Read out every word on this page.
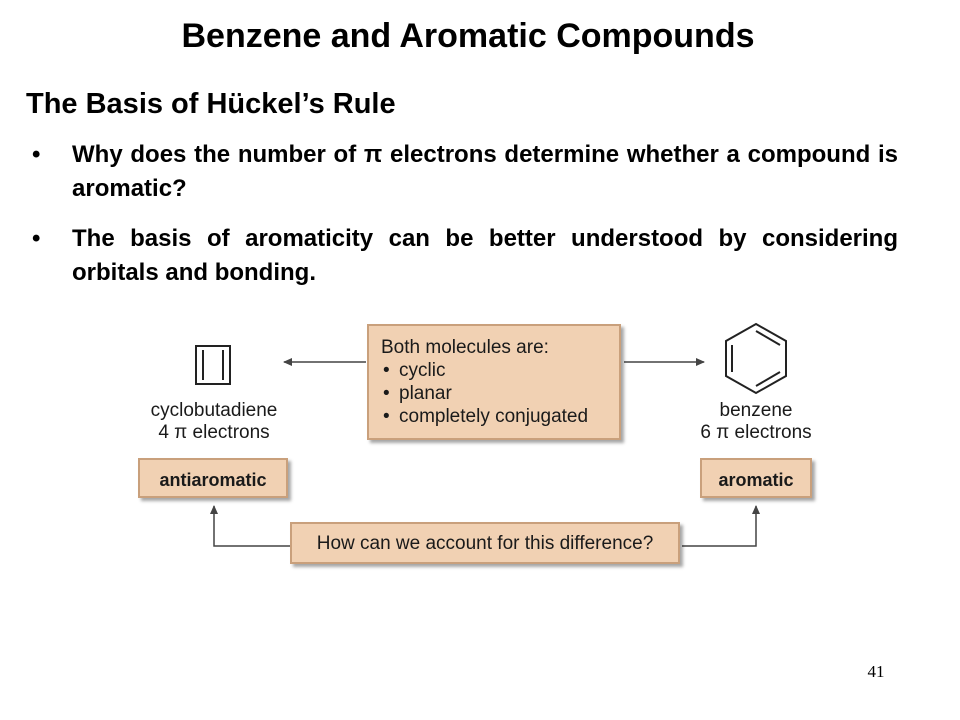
Benzene and Aromatic Compounds
The Basis of Hückel’s Rule
• Why does the number of π electrons determine whether a compound is aromatic?
• The basis of aromaticity can be better understood by considering orbitals and bonding.
Both molecules are:
• cyclic
• planar
• completely conjugated
cyclobutadiene
4 π electrons
benzene
6 π electrons
antiaromatic	aromatic
How can we account for this difference?
41
